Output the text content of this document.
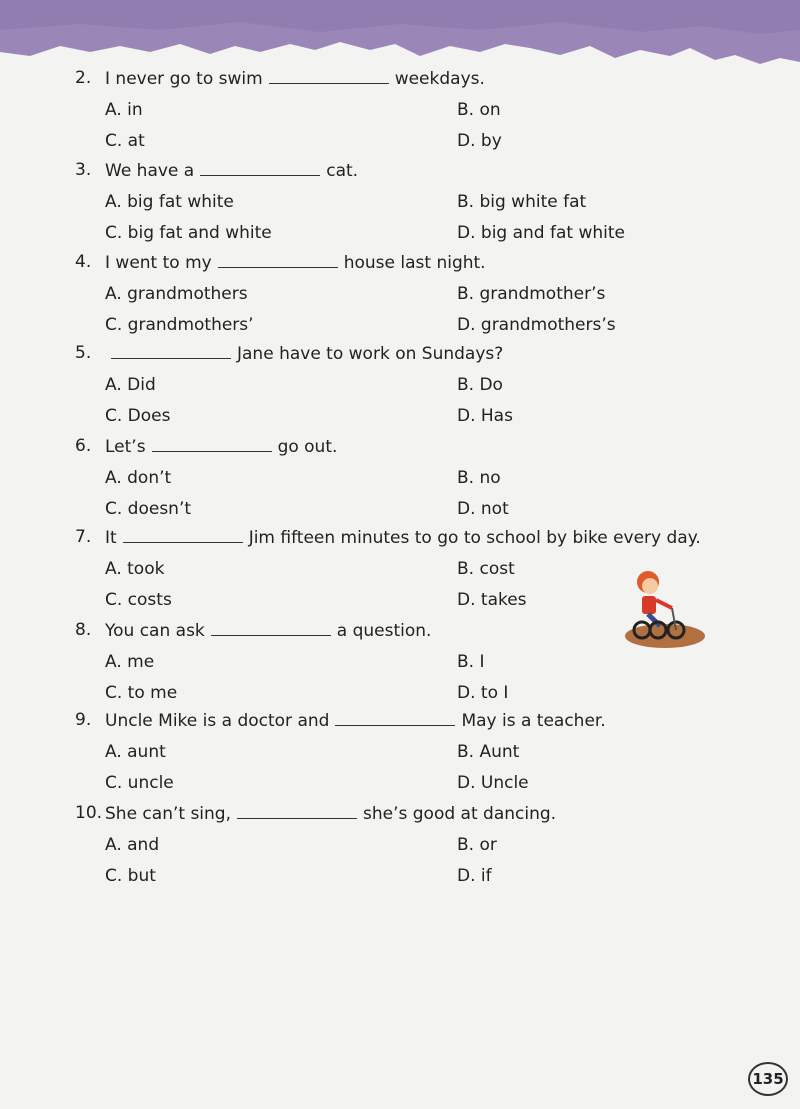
2. I never go to swim	weekdays.
A. in	B. on
C. at	D. by
3. We have a	cat.
A. big fat white	B. big white fat
C. big fat and white	D. big and fat white
4. I went to my	house last night.
A. grandmothers	B. grandmother’s
C. grandmothers’	D. grandmothers’s
5.	Jane have to work on Sundays?
A. Did	B. Do
C. Does	D. Has
6. Let’s	go out.
A. don’t	B. no
C. doesn’t	D. not
7. It	Jim fifteen minutes to go to school by bike every day.
A. took	B. cost
C. costs	D. takes
8. You can ask	a question.
A. me	B. I
C. to me	D. to I
9. Uncle Mike is a doctor and	May is a teacher.
A. aunt	B. Aunt
C. uncle	D. Uncle
10. She can’t sing,	she’s good at dancing.
A. and	B. or
C. but	D. if
135
